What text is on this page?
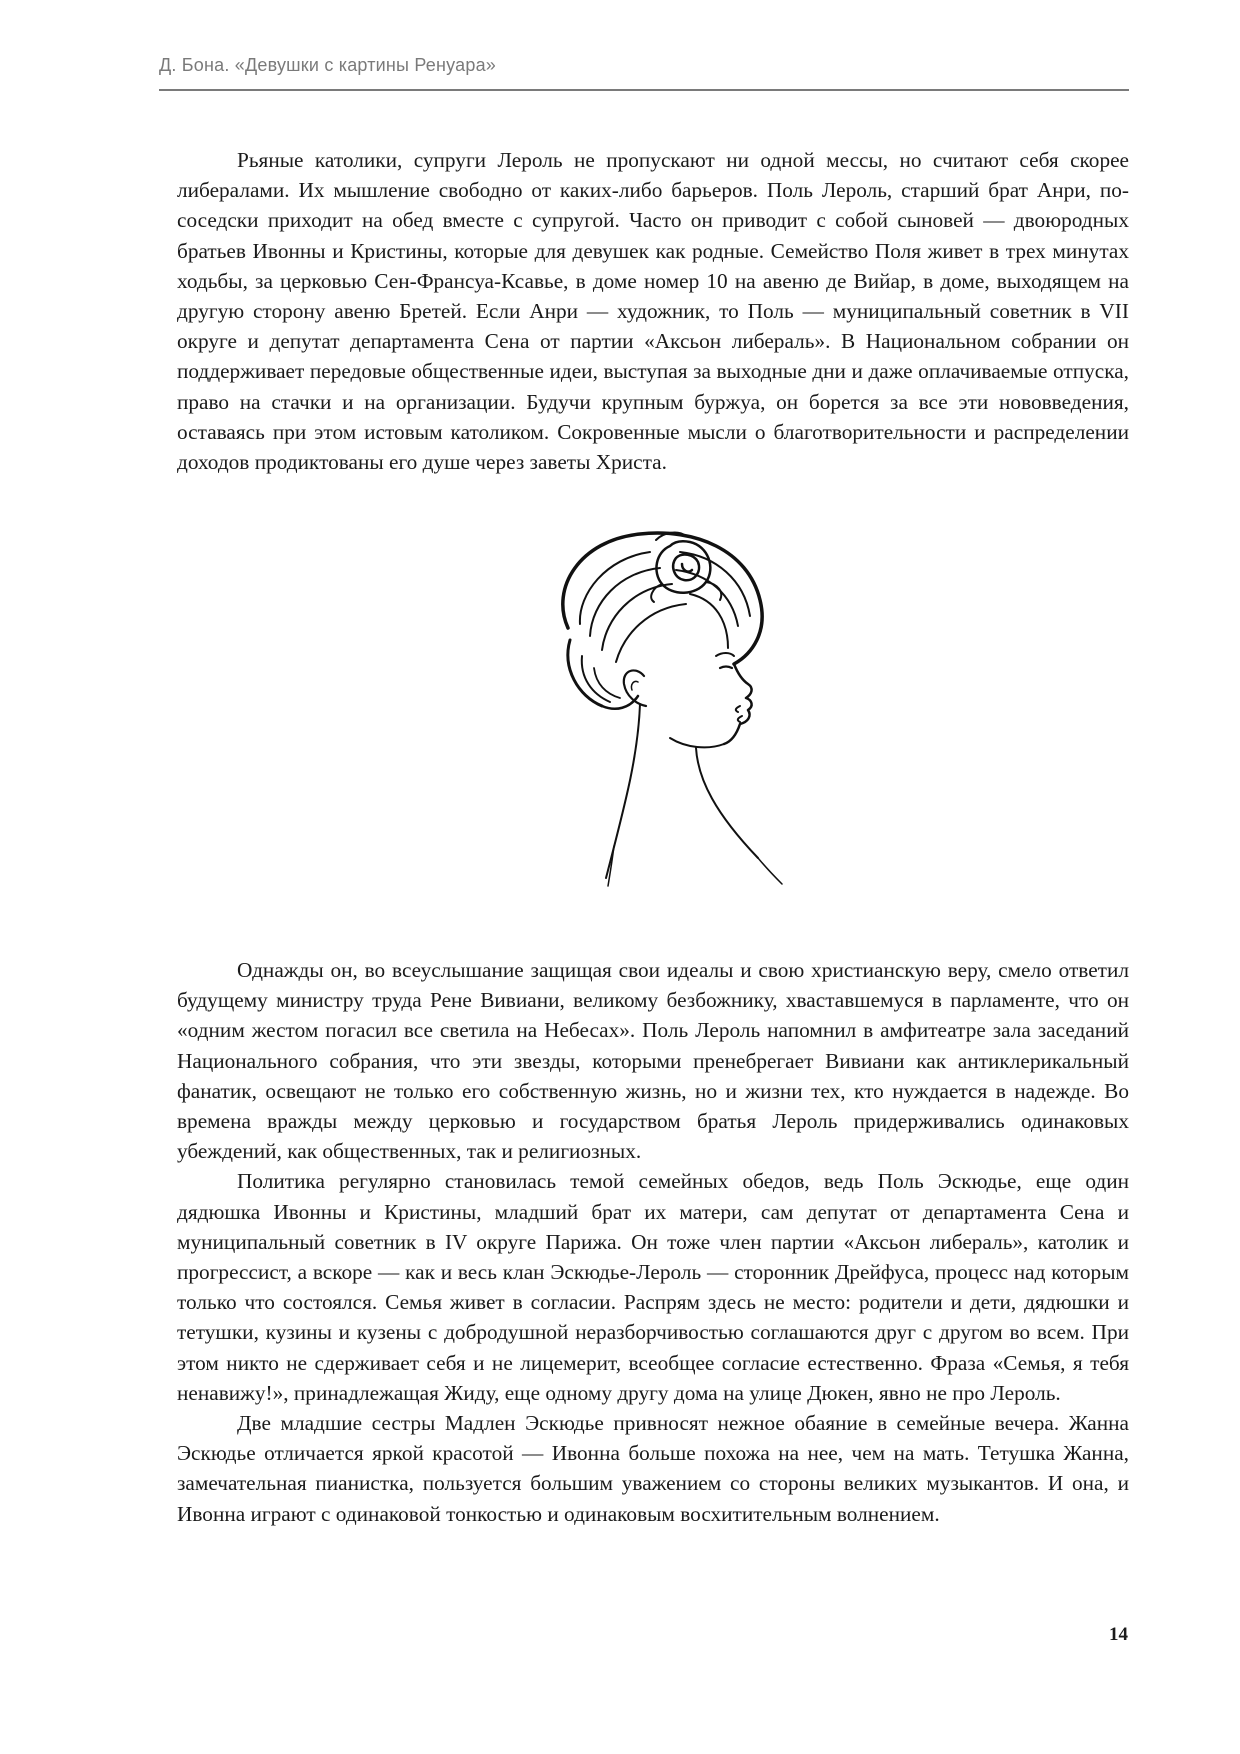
Д. Бона. «Девушки с картины Ренуара»

Рьяные католики, супруги Лероль не пропускают ни одной мессы, но считают себя скорее либералами. Их мышление свободно от каких-либо барьеров. Поль Лероль, старший брат Анри, по-соседски приходит на обед вместе с супругой. Часто он приводит с собой сыновей — двоюродных братьев Ивонны и Кристины, которые для девушек как родные. Семейство Поля живет в трех минутах ходьбы, за церковью Сен-Франсуа-Ксавье, в доме номер 10 на авеню де Вийар, в доме, выходящем на другую сторону авеню Бретей. Если Анри — художник, то Поль — муниципальный советник в VII округе и депутат департамента Сена от партии «Аксьон либераль». В Национальном собрании он поддерживает передовые общественные идеи, выступая за выходные дни и даже оплачиваемые отпуска, право на стачки и на организации. Будучи крупным буржуа, он борется за все эти нововведения, оставаясь при этом истовым католиком. Сокровенные мысли о благотворительности и распределении доходов продиктованы его душе через заветы Христа.

Однажды он, во всеуслышание защищая свои идеалы и свою христианскую веру, смело ответил будущему министру труда Рене Вивиани, великому безбожнику, хваставшемуся в парламенте, что он «одним жестом погасил все светила на Небесах». Поль Лероль напомнил в амфитеатре зала заседаний Национального собрания, что эти звезды, которыми пренебрегает Вивиани как антиклерикальный фанатик, освещают не только его собственную жизнь, но и жизни тех, кто нуждается в надежде. Во времена вражды между церковью и государством братья Лероль придерживались одинаковых убеждений, как общественных, так и религиозных.

Политика регулярно становилась темой семейных обедов, ведь Поль Эскюдье, еще один дядюшка Ивонны и Кристины, младший брат их матери, сам депутат от департамента Сена и муниципальный советник в IV округе Парижа. Он тоже член партии «Аксьон либераль», католик и прогрессист, а вскоре — как и весь клан Эскюдье-Лероль — сторонник Дрейфуса, процесс над которым только что состоялся. Семья живет в согласии. Распрям здесь не место: родители и дети, дядюшки и тетушки, кузины и кузены с добродушной неразборчивостью соглашаются друг с другом во всем. При этом никто не сдерживает себя и не лицемерит, всеобщее согласие естественно. Фраза «Семья, я тебя ненавижу!», принадлежащая Жиду, еще одному другу дома на улице Дюкен, явно не про Лероль.

Две младшие сестры Мадлен Эскюдье привносят нежное обаяние в семейные вечера. Жанна Эскюдье отличается яркой красотой — Ивонна больше похожа на нее, чем на мать. Тетушка Жанна, замечательная пианистка, пользуется большим уважением со стороны великих музыкантов. И она, и Ивонна играют с одинаковой тонкостью и одинаковым восхитительным волнением.

14
